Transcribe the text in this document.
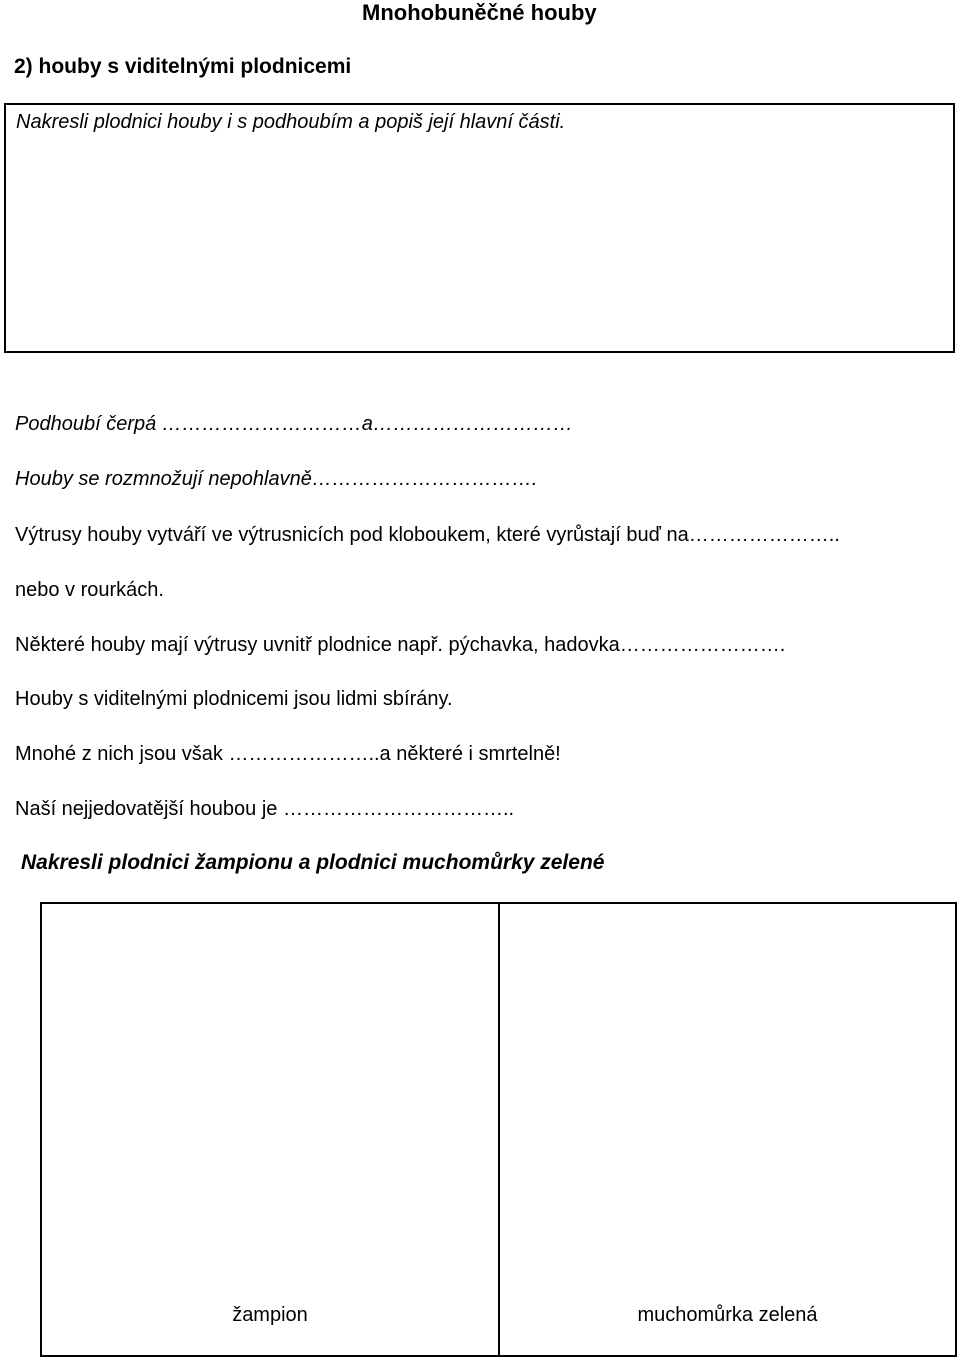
Mnohobuněčné houby
2) houby s viditelnými plodnicemi
Nakresli plodnici houby i s podhoubím a popiš její hlavní části.
Podhoubí čerpá …………………………a…………………………
Houby se rozmnožují nepohlavně…………………………….
Výtrusy houby vytváří ve výtrusnicích pod kloboukem, které vyrůstají buď na…………………..
nebo v rourkách.
Některé houby mají výtrusy uvnitř plodnice např. pýchavka, hadovka…………………….
Houby s viditelnými plodnicemi jsou lidmi sbírány.
Mnohé z nich jsou však …………………..a některé i smrtelně!
Naší nejjedovatější houbou je ……………………………..
Nakresli plodnici žampionu a plodnici muchomůrky zelené
žampion	muchomůrka zelená
